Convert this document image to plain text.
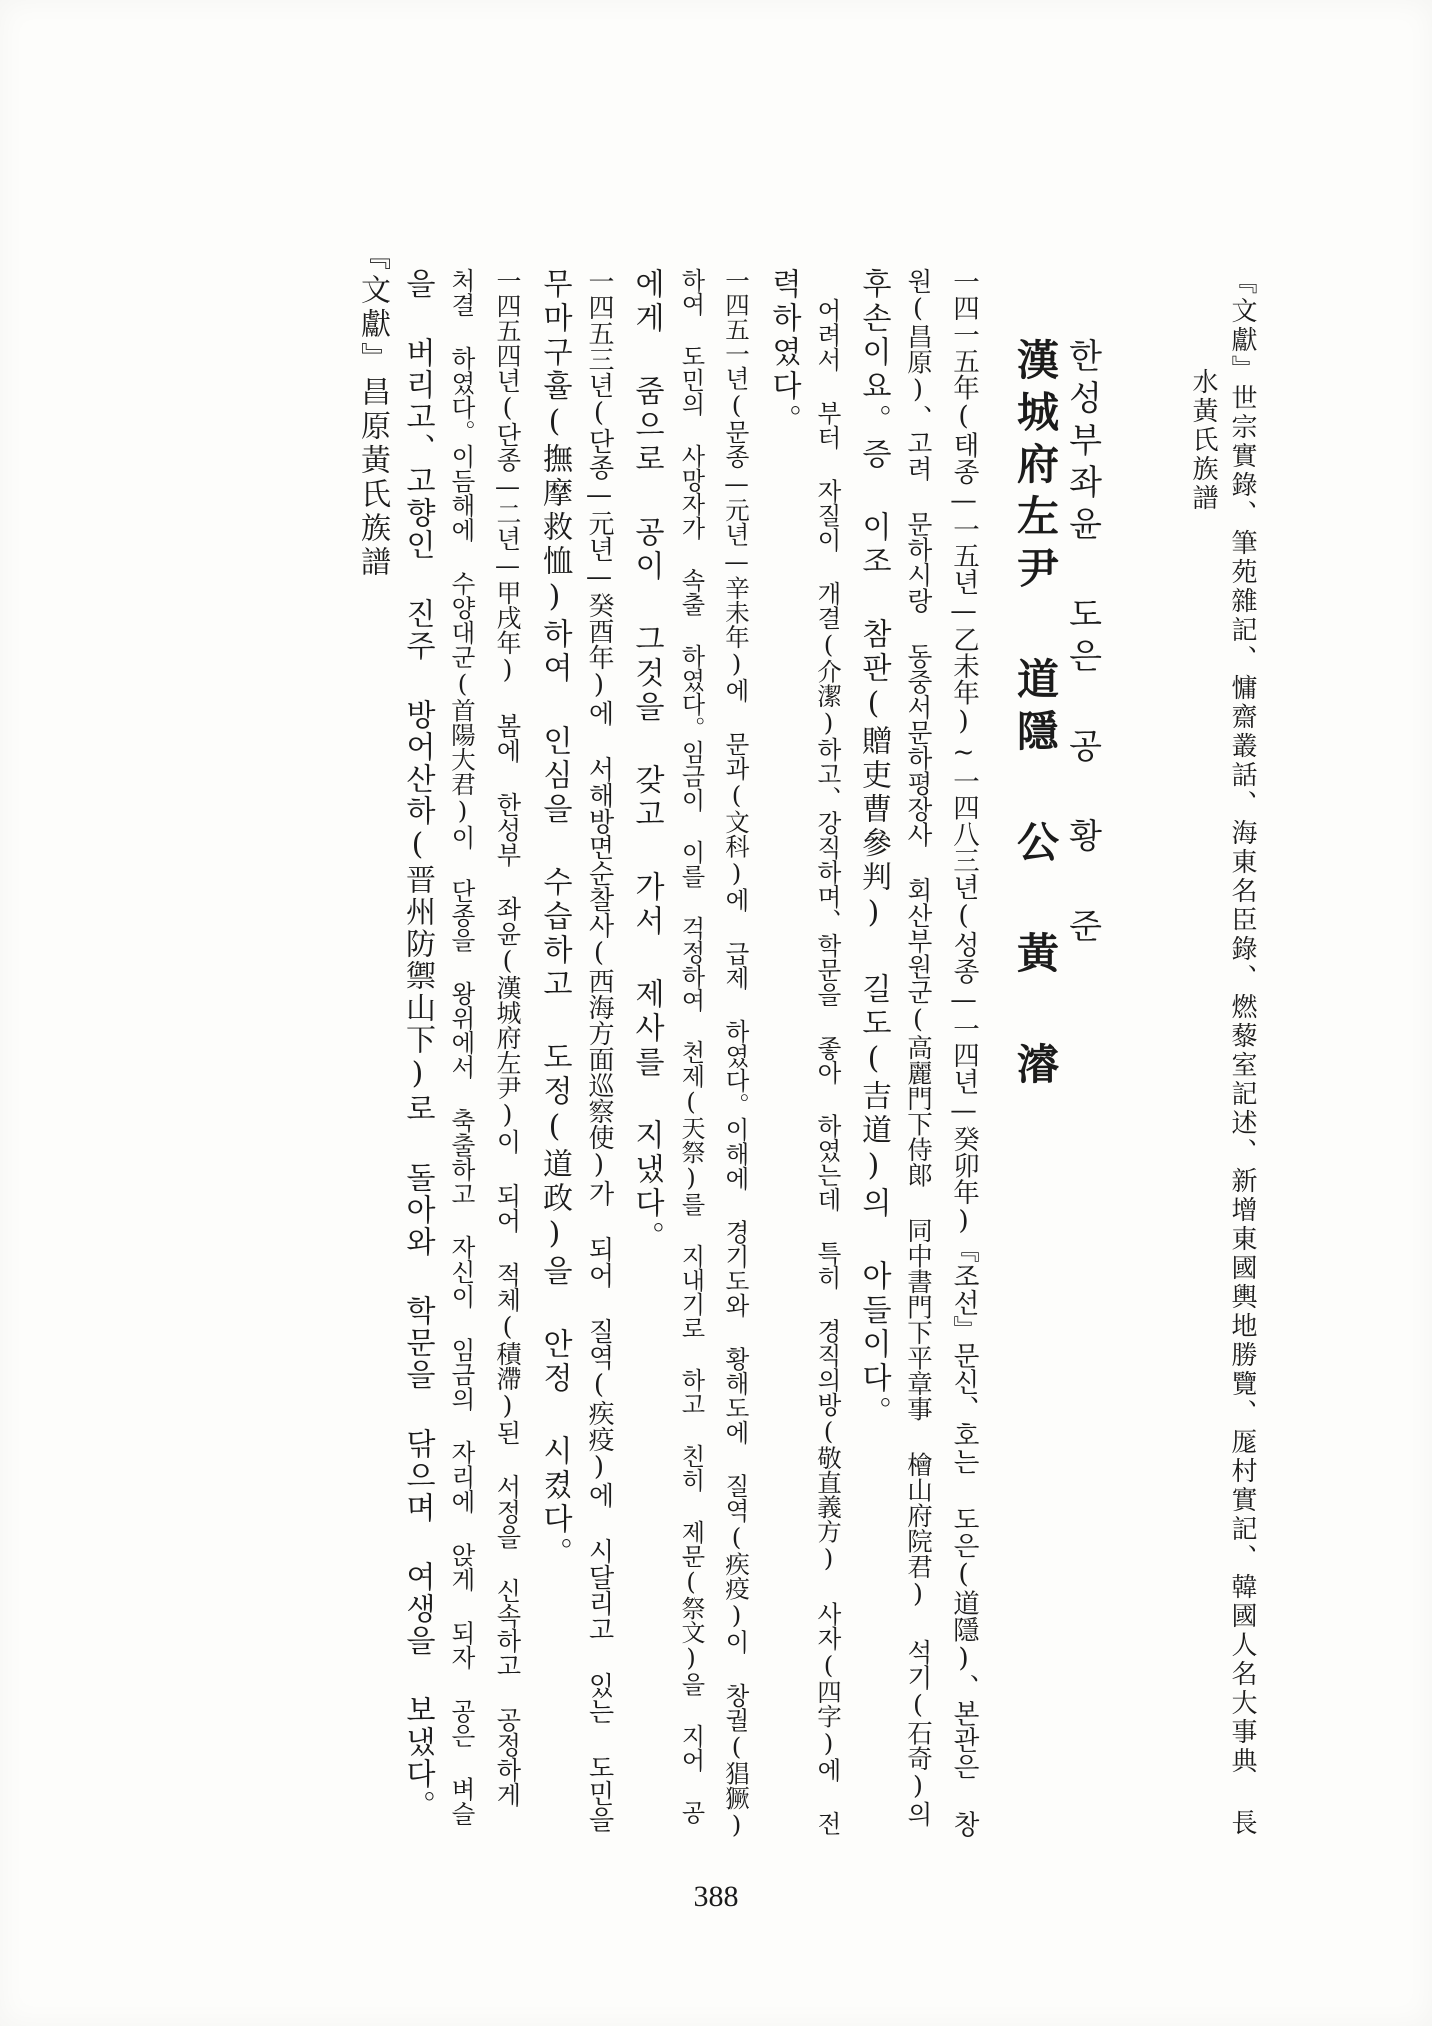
『文獻』世宗實錄、筆苑雜記、慵齋叢話、海東名臣錄、燃藜室記述、新增東國輿地勝覽、厖村實記、韓國人名大事典 長
水黃氏族譜
一四一五年(태종—一五년—乙未年)~一四八三년(성종—一四년—癸卯年)『조선』문신、호는 도은(道隱)、본관은 창
원(昌原)、고려 문하시랑 동중서문하평장사 회산부원군(高麗門下侍郞 同中書門下平章事 檜山府院君) 석기(石奇)의
후손이요。증 이조 참판(贈吏曹參判) 길도(吉道)의 아들이다。
어려서 부터 자질이 개결(介潔)하고、강직하며、학문을 좋아 하였는데 특히 경직의방(敬直義方) 사자(四字)에 전
력하였다。	한성부좌윤 도은 공 황 준
漢城府左尹 道隱 公 黃 濬
一四五一년(문종—元년—辛未年)에 문과(文科)에 급제 하였다。이해에 경기도와 황해도에 질역(疾疫)이 창궐(猖獗)
하여 도민의 사망자가 속출 하였다。임금이 이를 걱정하여 천제(天祭)를 지내기로 하고 친히 제문(祭文)을 지어 공
에게 줌으로 공이 그것을 갖고 가서 제사를 지냈다。
一四五三년(단종—元년—癸酉年)에 서해방면순찰사(西海方面巡察使)가 되어 질역(疾疫)에 시달리고 있는 도민을
무마구휼(撫摩救恤)하여 인심을 수습하고 도정(道政)을 안정 시켰다。
一四五四년(단종—二년—甲戌年) 봄에 한성부 좌윤(漢城府左尹)이 되어 적체(積滯)된 서정을 신속하고 공정하게
처결 하였다。이듬해에 수양대군(首陽大君)이 단종을 왕위에서 축출하고 자신이 임금의 자리에 앉게 되자 공은 벼슬
을 버리고、고향인 진주 방어산하(晋州防禦山下)로 돌아와 학문을 닦으며 여생을 보냈다。
『文獻』昌原黃氏族譜
388
